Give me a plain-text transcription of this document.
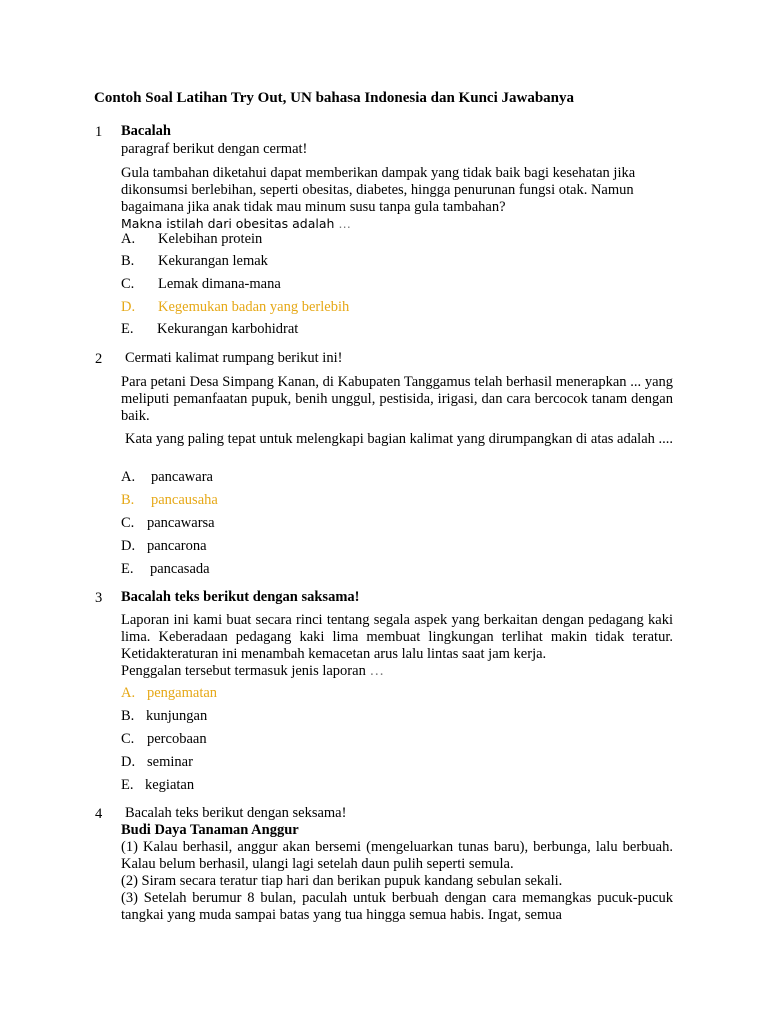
Contoh Soal Latihan Try Out, UN bahasa Indonesia dan Kunci Jawabanya
1 Bacalah
paragraf berikut dengan cermat!
Gula tambahan diketahui dapat memberikan dampak yang tidak baik bagi kesehatan jika dikonsumsi berlebihan, seperti obesitas, diabetes, hingga penurunan fungsi otak. Namun bagaimana jika anak tidak mau minum susu tanpa gula tambahan?
Makna istilah dari obesitas adalah …
A. Kelebihan protein
B. Kekurangan lemak
C. Lemak dimana-mana
D. Kegemukan badan yang berlebih
E. Kekurangan karbohidrat
2 Cermati kalimat rumpang berikut ini!
Para petani Desa Simpang Kanan, di Kabupaten Tanggamus telah berhasil menerapkan ... yang meliputi pemanfaatan pupuk, benih unggul, pestisida, irigasi, dan cara bercocok tanam dengan baik.
Kata yang paling tepat untuk melengkapi bagian kalimat yang dirumpangkan di atas adalah ....
A. pancawara
B. pancausaha
C. pancawarsa
D. pancarona
E. pancasada
3 Bacalah teks berikut dengan saksama!
Laporan ini kami buat secara rinci tentang segala aspek yang berkaitan dengan pedagang kaki lima. Keberadaan pedagang kaki lima membuat lingkungan terlihat makin tidak teratur. Ketidakteraturan ini menambah kemacetan arus lalu lintas saat jam kerja.
Penggalan tersebut termasuk jenis laporan …
A. pengamatan
B. kunjungan
C. percobaan
D. seminar
E. kegiatan
4 Bacalah teks berikut dengan seksama!
Budi Daya Tanaman Anggur
(1) Kalau berhasil, anggur akan bersemi (mengeluarkan tunas baru), berbunga, lalu berbuah. Kalau belum berhasil, ulangi lagi setelah daun pulih seperti semula.
(2) Siram secara teratur tiap hari dan berikan pupuk kandang sebulan sekali.
(3) Setelah berumur 8 bulan, paculah untuk berbuah dengan cara memangkas pucuk-pucuk tangkai yang muda sampai batas yang tua hingga semua habis. Ingat, semua
